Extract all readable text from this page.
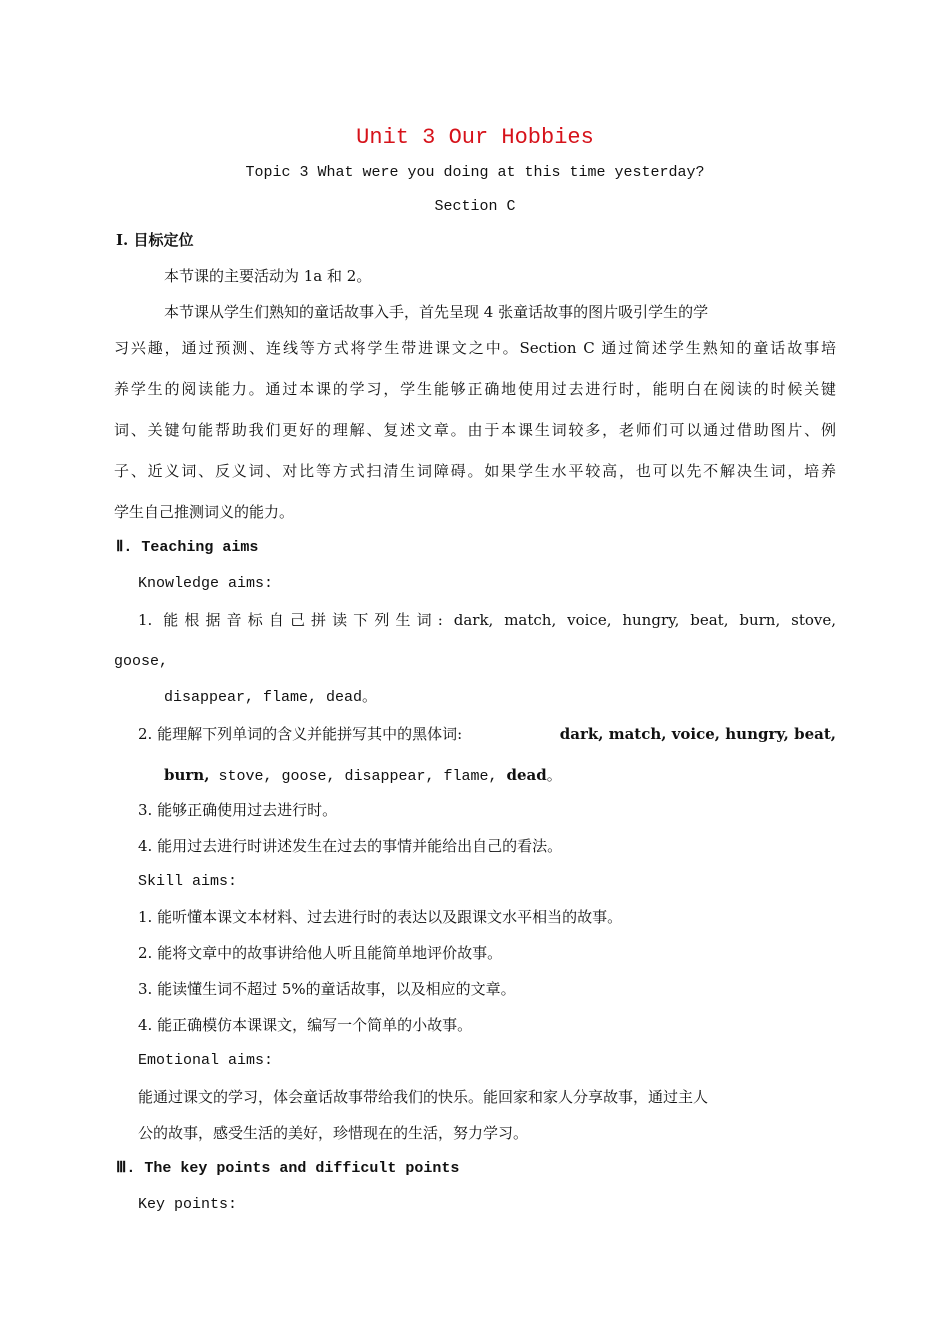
Unit 3 Our Hobbies
Topic 3 What were you doing at this time yesterday?
Section C
Ⅰ. 目标定位
本节课的主要活动为 1a 和 2。
本节课从学生们熟知的童话故事入手，首先呈现 4 张童话故事的图片吸引学生的学
习兴趣，通过预测、连线等方式将学生带进课文之中。Section C 通过简述学生熟知的童话故事培
养学生的阅读能力。通过本课的学习，学生能够正确地使用过去进行时，能明白在阅读的时候关键
词、关键句能帮助我们更好的理解、复述文章。由于本课生词较多，老师们可以通过借助图片、例
子、近义词、反义词、对比等方式扫清生词障碍。如果学生水平较高，也可以先不解决生词，培养
学生自己推测词义的能力。
Ⅱ. Teaching aims
Knowledge aims:
1. 能根据音标自己拼读下列生词: dark, match, voice, hungry, beat, burn, stove,
goose,
disappear, flame, dead。
2. 能理解下列单词的含义并能拼写其中的黑体词:	dark, match, voice, hungry, beat,
burn, stove, goose, disappear, flame, dead。
3. 能够正确使用过去进行时。
4. 能用过去进行时讲述发生在过去的事情并能给出自己的看法。
Skill aims:
1. 能听懂本课文本材料、过去进行时的表达以及跟课文水平相当的故事。
2. 能将文章中的故事讲给他人听且能简单地评价故事。
3. 能读懂生词不超过 5%的童话故事，以及相应的文章。
4. 能正确模仿本课课文，编写一个简单的小故事。
Emotional aims:
能通过课文的学习，体会童话故事带给我们的快乐。能回家和家人分享故事，通过主人
公的故事，感受生活的美好，珍惜现在的生活，努力学习。
Ⅲ. The key points and difficult points
Key points:
